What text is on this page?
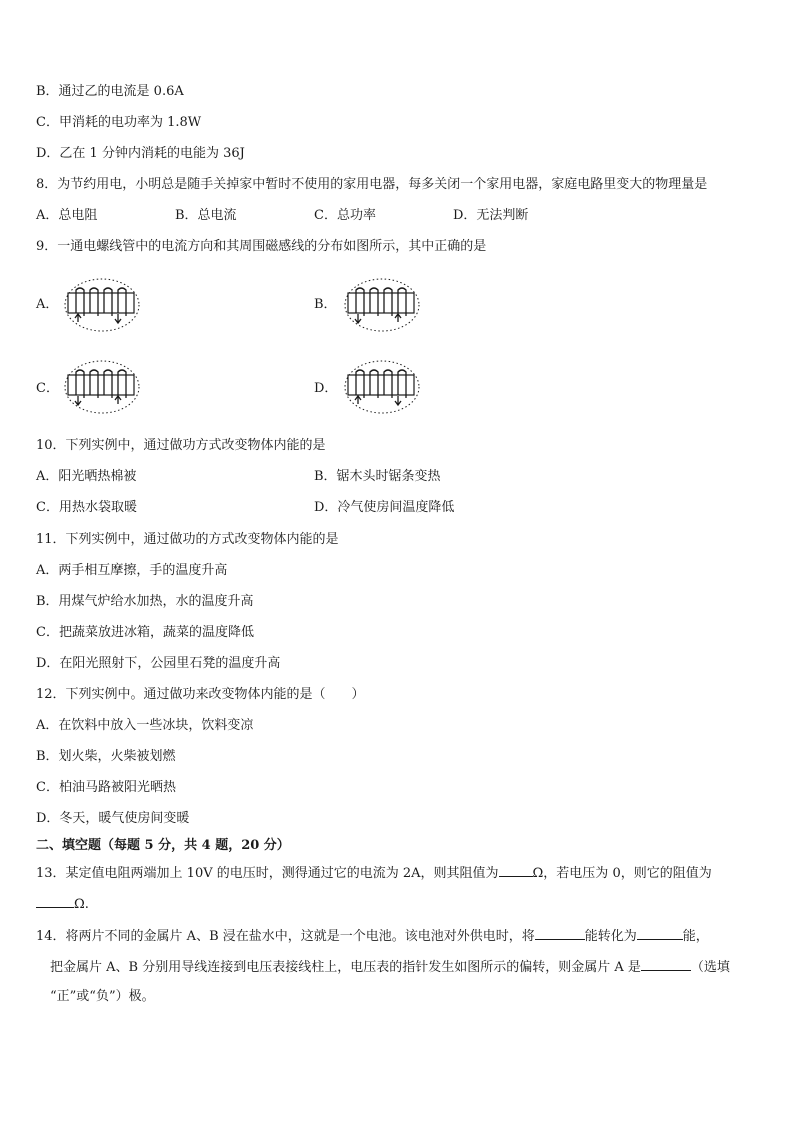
B．通过乙的电流是 0.6A
C．甲消耗的电功率为 1.8W
D．乙在 1 分钟内消耗的电能为 36J
8．为节约用电，小明总是随手关掉家中暂时不使用的家用电器，每多关闭一个家用电器，家庭电路里变大的物理量是
A．总电阻	B．总电流	C．总功率	D．无法判断
9．一通电螺线管中的电流方向和其周围磁感线的分布如图所示，其中正确的是
A．	B．
C．	D．
10．下列实例中，通过做功方式改变物体内能的是
A．阳光晒热棉被	B．锯木头时锯条变热
C．用热水袋取暖	D．冷气使房间温度降低
11．下列实例中，通过做功的方式改变物体内能的是
A．两手相互摩擦，手的温度升高
B．用煤气炉给水加热，水的温度升高
C．把蔬菜放进冰箱，蔬菜的温度降低
D．在阳光照射下，公园里石凳的温度升高
12．下列实例中。通过做功来改变物体内能的是（　　）
A．在饮料中放入一些冰块，饮料变凉
B．划火柴，火柴被划燃
C．柏油马路被阳光晒热
D．冬天，暖气使房间变暖
二、填空题（每题 5 分，共 4 题，20 分）
13．某定值电阻两端加上 10V 的电压时，测得通过它的电流为 2A，则其阻值为	Ω，若电压为 0，则它的阻值为
Ω.
14．将两片不同的金属片 A、B 浸在盐水中，这就是一个电池。该电池对外供电时，将	能转化为	能，
把金属片 A、B 分别用导线连接到电压表接线柱上，电压表的指针发生如图所示的偏转，则金属片 A 是	（选填
“正”或“负”）极。
